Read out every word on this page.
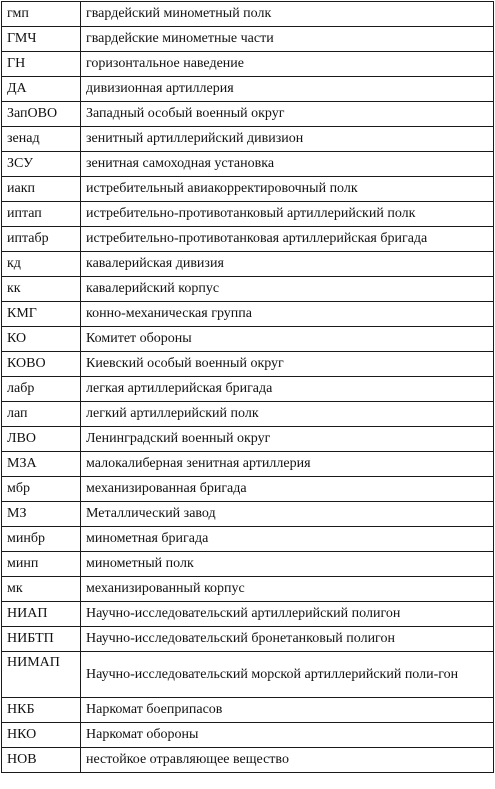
гмп	гвардейский минометный полк
ГМЧ	гвардейские минометные части
ГН	горизонтальное наведение
ДА	дивизионная артиллерия
ЗапОВО	Западный особый военный округ
зенад	зенитный артиллерийский дивизион
ЗСУ	зенитная самоходная установка
иакп	истребительный авиакорректировочный полк
иптап	истребительно-противотанковый артиллерийский полк
иптабр	истребительно-противотанковая артиллерийская бригада
кд	кавалерийская дивизия
кк	кавалерийский корпус
КМГ	конно-механическая группа
КО	Комитет обороны
КОВО	Киевский особый военный округ
лабр	легкая артиллерийская бригада
лап	легкий артиллерийский полк
ЛВО	Ленинградский военный округ
МЗА	малокалиберная зенитная артиллерия
мбр	механизированная бригада
МЗ	Металлический завод
минбр	минометная бригада
минп	минометный полк
мк	механизированный корпус
НИАП	Научно-исследовательский артиллерийский полигон
НИБТП	Научно-исследовательский бронетанковый полигон
НИМАП	Научно-исследовательский морской артиллерийский поли-гон
НКБ	Наркомат боеприпасов
НКО	Наркомат обороны
НОВ	нестойкое отравляющее вещество
